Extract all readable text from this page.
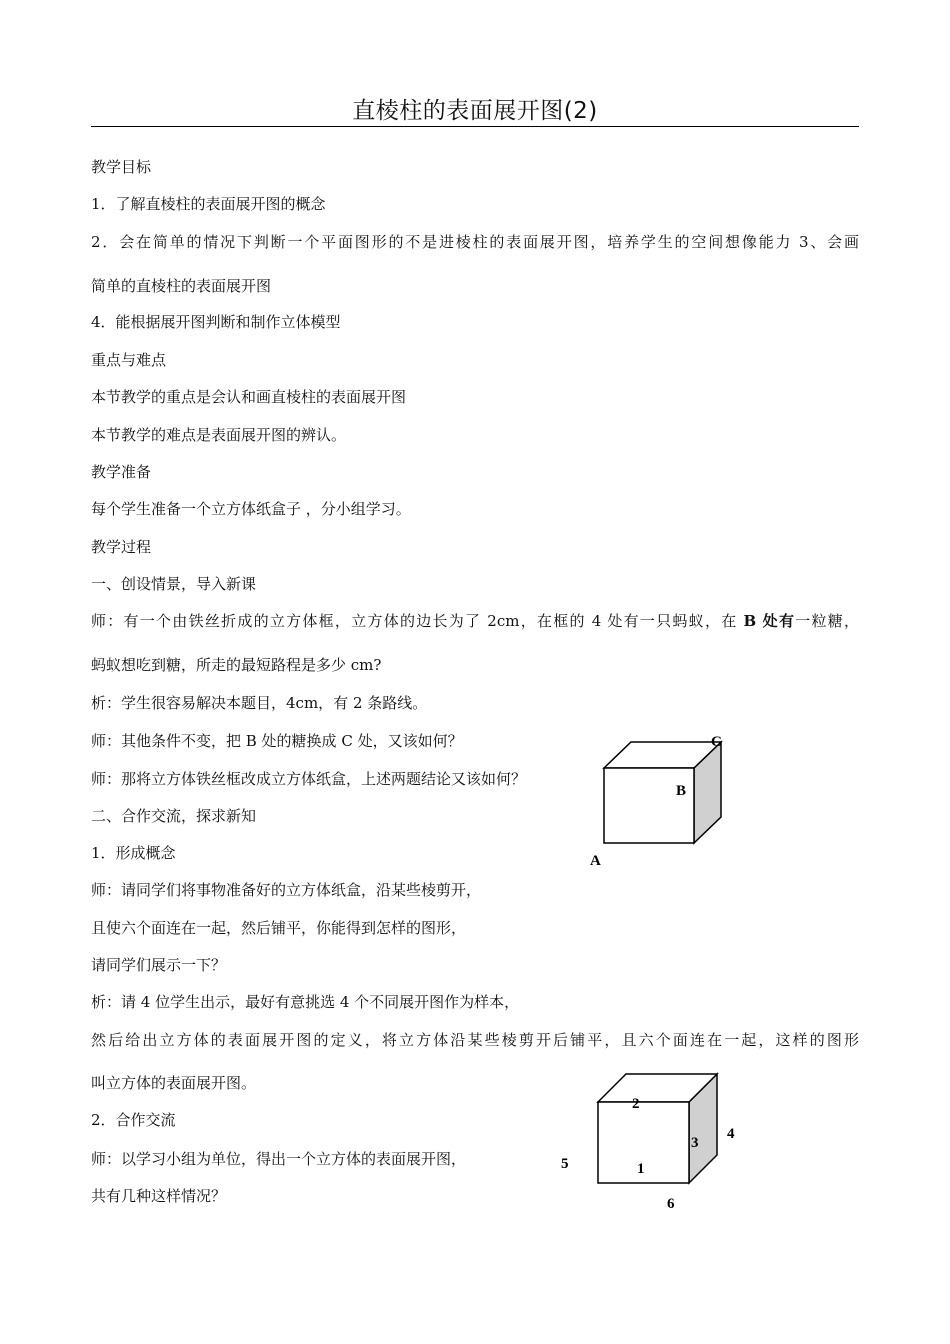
直棱柱的表面展开图(2)
教学目标
1．了解直棱柱的表面展开图的概念
2．会在简单的情况下判断一个平面图形的不是进棱柱的表面展开图，培养学生的空间想像能力 3、会画
简单的直棱柱的表面展开图
4．能根据展开图判断和制作立体模型
重点与难点
本节教学的重点是会认和画直棱柱的表面展开图
本节教学的难点是表面展开图的辨认。
教学准备
每个学生准备一个立方体纸盒子 ，分小组学习。
教学过程
一、创设情景，导入新课
师：有一个由铁丝折成的立方体框，立方体的边长为了 2cm，在框的 4 处有一只蚂蚁，在 B 处有一粒糖，
蚂蚁想吃到糖，所走的最短路程是多少 cm?
析：学生很容易解决本题目，4cm，有 2 条路线。
师：其他条件不变，把 B 处的糖换成 C 处，又该如何？
师：那将立方体铁丝框改成立方体纸盒，上述两题结论又该如何？
二、合作交流，探求新知
1．形成概念
师：请同学们将事物准备好的立方体纸盒，沿某些棱剪开，
且使六个面连在一起，然后铺平，你能得到怎样的图形，
请同学们展示一下？
析：请 4 位学生出示，最好有意挑选 4 个不同展开图作为样本，
然后给出立方体的表面展开图的定义，将立方体沿某些棱剪开后铺平，且六个面连在一起，这样的图形
叫立方体的表面展开图。
2．合作交流
师：以学习小组为单位，得出一个立方体的表面展开图，
共有几种这样情况？
C
B
A
2
3
4
5	1
6
